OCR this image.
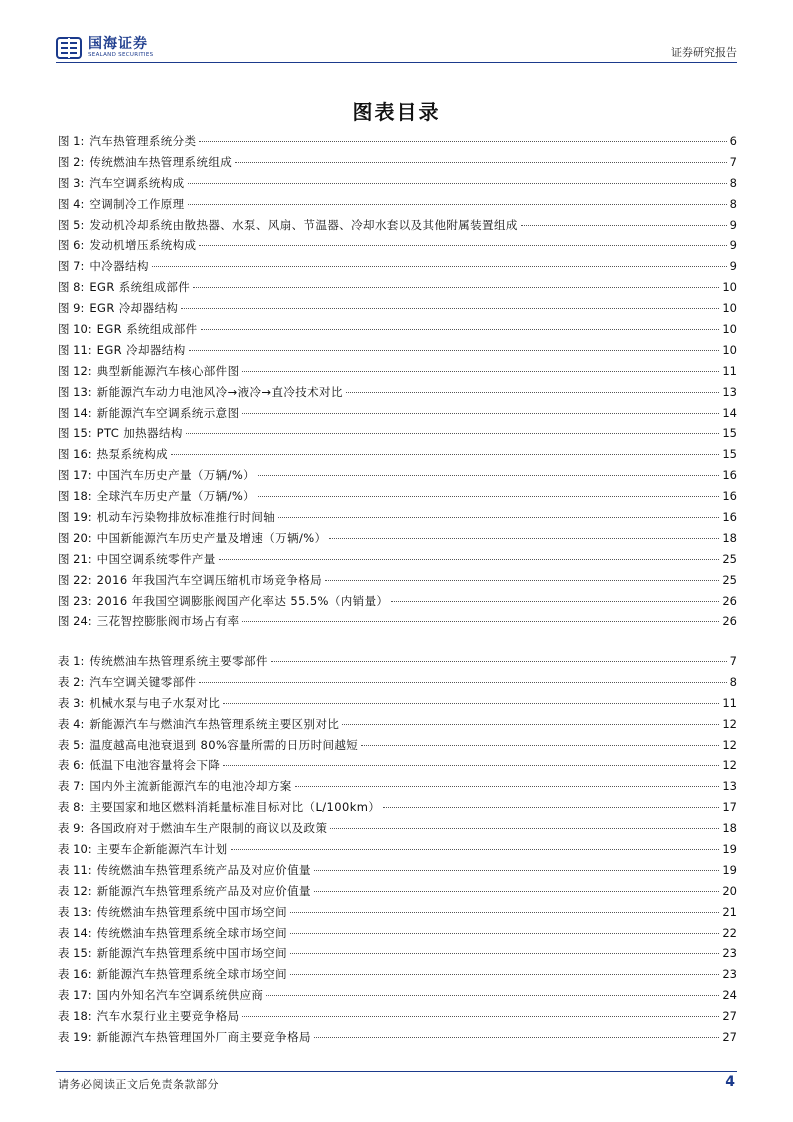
国海证券
SEALAND SECURITIES	证券研究报告
图表目录
图 1: 汽车热管理系统分类	6
图 2: 传统燃油车热管理系统组成	7
图 3: 汽车空调系统构成	8
图 4: 空调制冷工作原理	8
图 5: 发动机冷却系统由散热器、水泵、风扇、节温器、冷却水套以及其他附属装置组成	9
图 6: 发动机增压系统构成	9
图 7: 中冷器结构	9
图 8: EGR 系统组成部件	10
图 9: EGR 冷却器结构	10
图 10: EGR 系统组成部件	10
图 11: EGR 冷却器结构	10
图 12: 典型新能源汽车核心部件图	11
图 13: 新能源汽车动力电池风冷→液冷→直冷技术对比	13
图 14: 新能源汽车空调系统示意图	14
图 15: PTC 加热器结构	15
图 16: 热泵系统构成	15
图 17: 中国汽车历史产量（万辆/%）	16
图 18: 全球汽车历史产量（万辆/%）	16
图 19: 机动车污染物排放标准推行时间轴	16
图 20: 中国新能源汽车历史产量及增速（万辆/%）	18
图 21: 中国空调系统零件产量	25
图 22: 2016 年我国汽车空调压缩机市场竞争格局	25
图 23: 2016 年我国空调膨胀阀国产化率达 55.5%（内销量）	26
图 24: 三花智控膨胀阀市场占有率	26
表 1: 传统燃油车热管理系统主要零部件	7
表 2: 汽车空调关键零部件	8
表 3: 机械水泵与电子水泵对比	11
表 4: 新能源汽车与燃油汽车热管理系统主要区别对比	12
表 5: 温度越高电池衰退到 80%容量所需的日历时间越短	12
表 6: 低温下电池容量将会下降	12
表 7: 国内外主流新能源汽车的电池冷却方案	13
表 8: 主要国家和地区燃料消耗量标准目标对比（L/100km）	17
表 9: 各国政府对于燃油车生产限制的商议以及政策	18
表 10: 主要车企新能源汽车计划	19
表 11: 传统燃油车热管理系统产品及对应价值量	19
表 12: 新能源汽车热管理系统产品及对应价值量	20
表 13: 传统燃油车热管理系统中国市场空间	21
表 14: 传统燃油车热管理系统全球市场空间	22
表 15: 新能源汽车热管理系统中国市场空间	23
表 16: 新能源汽车热管理系统全球市场空间	23
表 17: 国内外知名汽车空调系统供应商	24
表 18: 汽车水泵行业主要竞争格局	27
表 19: 新能源汽车热管理国外厂商主要竞争格局	27
请务必阅读正文后免责条款部分	4
